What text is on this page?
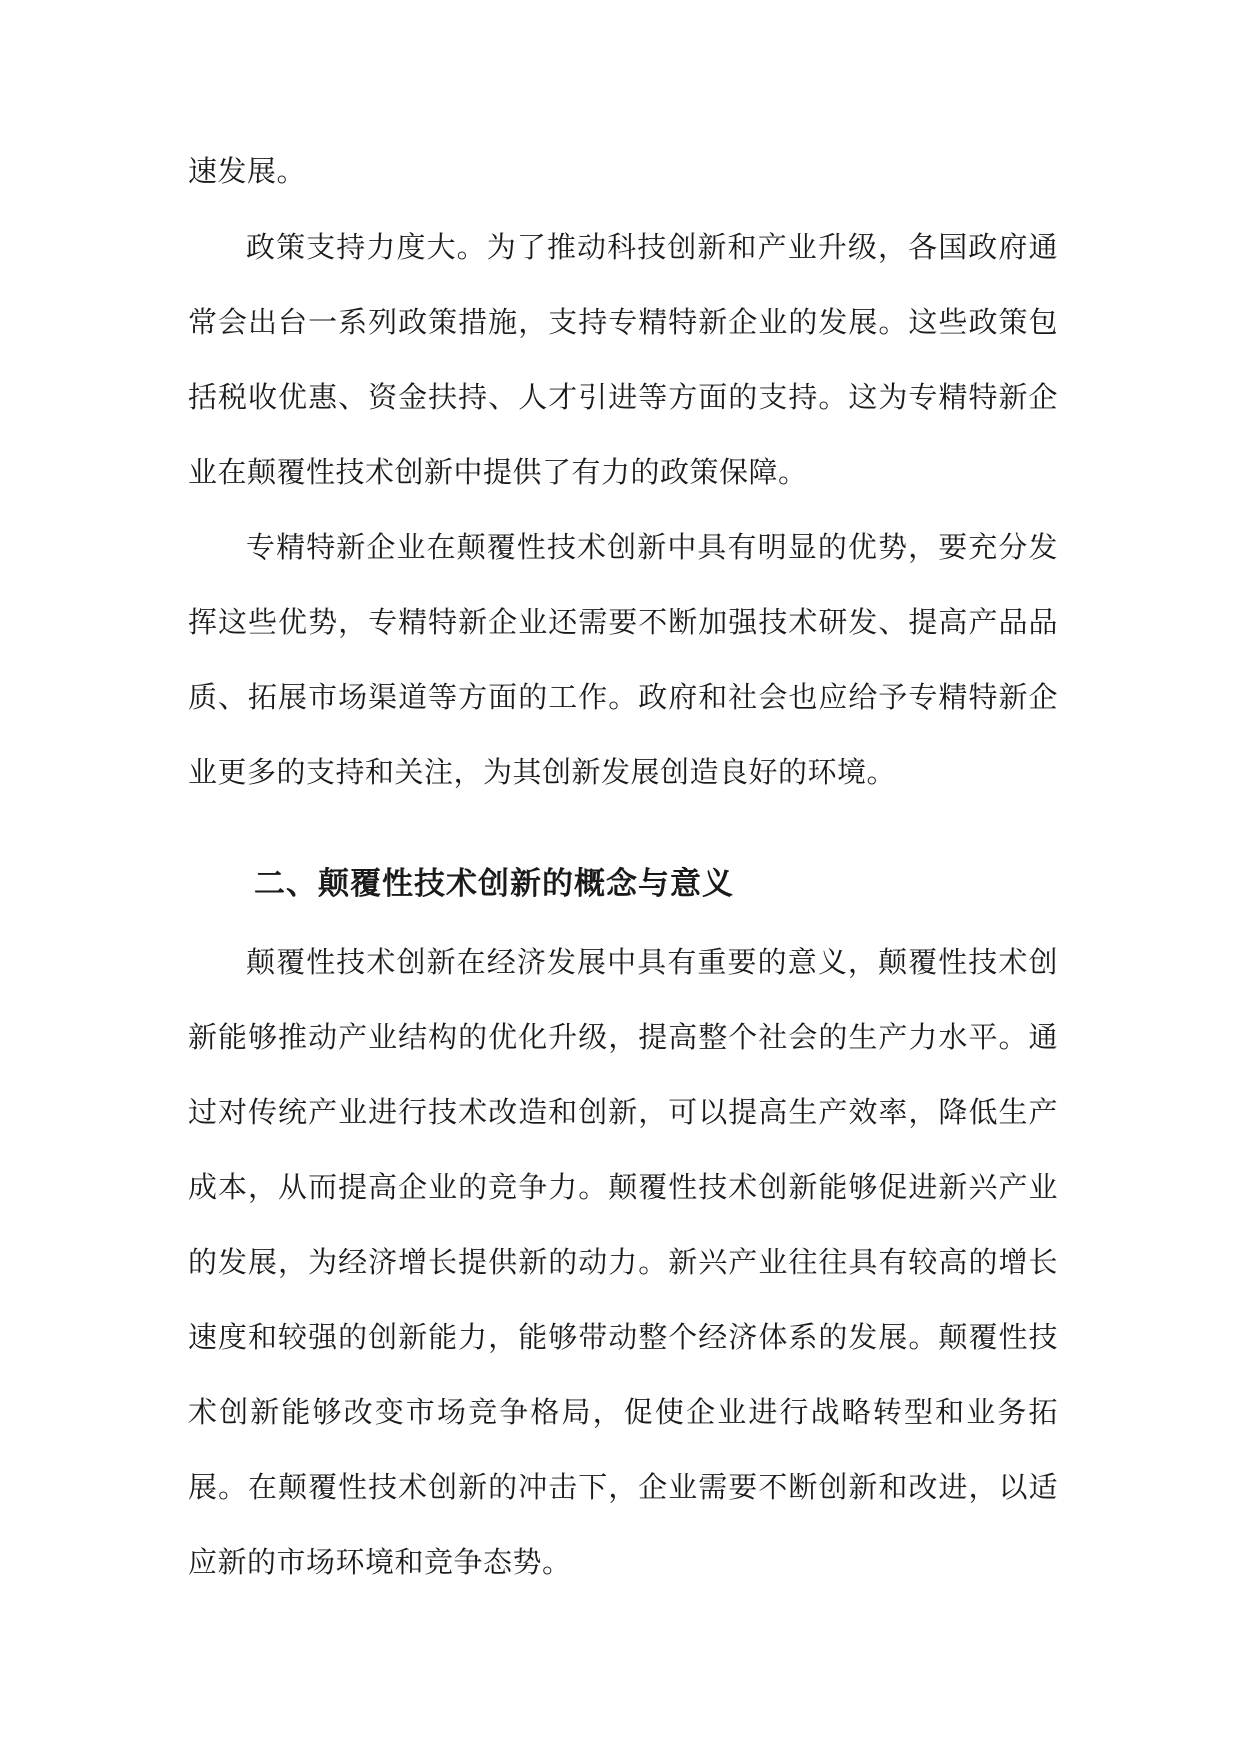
速发展。

政策支持力度大。为了推动科技创新和产业升级，各国政府通常会出台一系列政策措施，支持专精特新企业的发展。这些政策包括税收优惠、资金扶持、人才引进等方面的支持。这为专精特新企业在颠覆性技术创新中提供了有力的政策保障。

专精特新企业在颠覆性技术创新中具有明显的优势，要充分发挥这些优势，专精特新企业还需要不断加强技术研发、提高产品品质、拓展市场渠道等方面的工作。政府和社会也应给予专精特新企业更多的支持和关注，为其创新发展创造良好的环境。

二、颠覆性技术创新的概念与意义

颠覆性技术创新在经济发展中具有重要的意义，颠覆性技术创新能够推动产业结构的优化升级，提高整个社会的生产力水平。通过对传统产业进行技术改造和创新，可以提高生产效率，降低生产成本，从而提高企业的竞争力。颠覆性技术创新能够促进新兴产业的发展，为经济增长提供新的动力。新兴产业往往具有较高的增长速度和较强的创新能力，能够带动整个经济体系的发展。颠覆性技术创新能够改变市场竞争格局，促使企业进行战略转型和业务拓展。在颠覆性技术创新的冲击下，企业需要不断创新和改进，以适应新的市场环境和竞争态势。
